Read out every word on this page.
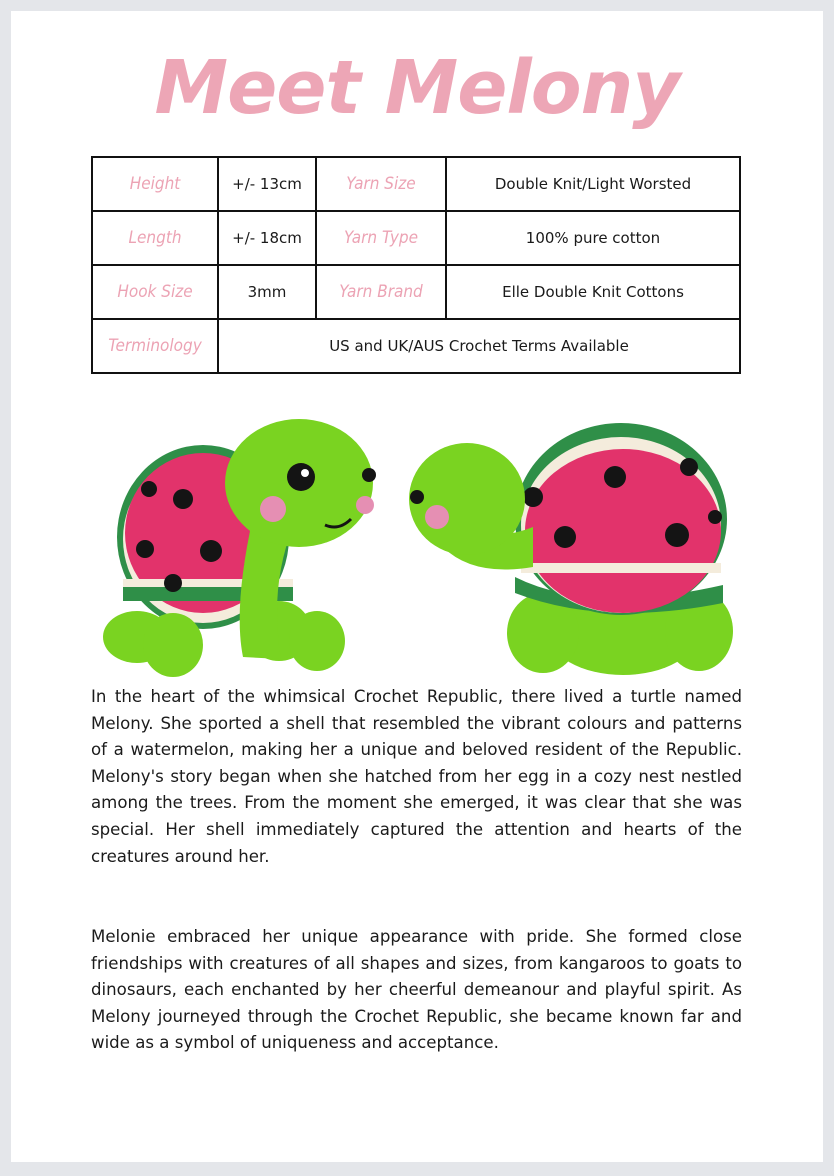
Meet Melony
Height	+/- 13cm	Yarn Size	Double Knit/Light Worsted
Length	+/- 18cm	Yarn Type	100% pure cotton
Hook Size	3mm	Yarn Brand	Elle Double Knit Cottons
Terminology	US and UK/AUS Crochet Terms Available		

In the heart of the whimsical Crochet Republic, there lived a turtle named Melony. She sported a shell that resembled the vibrant colours and patterns of a watermelon, making her a unique and beloved resident of the Republic. Melony's story began when she hatched from her egg in a cozy nest nestled among the trees. From the moment she emerged, it was clear that she was special. Her shell immediately captured the attention and hearts of the creatures around her.

Melonie embraced her unique appearance with pride. She formed close friendships with creatures of all shapes and sizes, from kangaroos to goats to dinosaurs, each enchanted by her cheerful demeanour and playful spirit. As Melony journeyed through the Crochet Republic, she became known far and wide as a symbol of uniqueness and acceptance.
